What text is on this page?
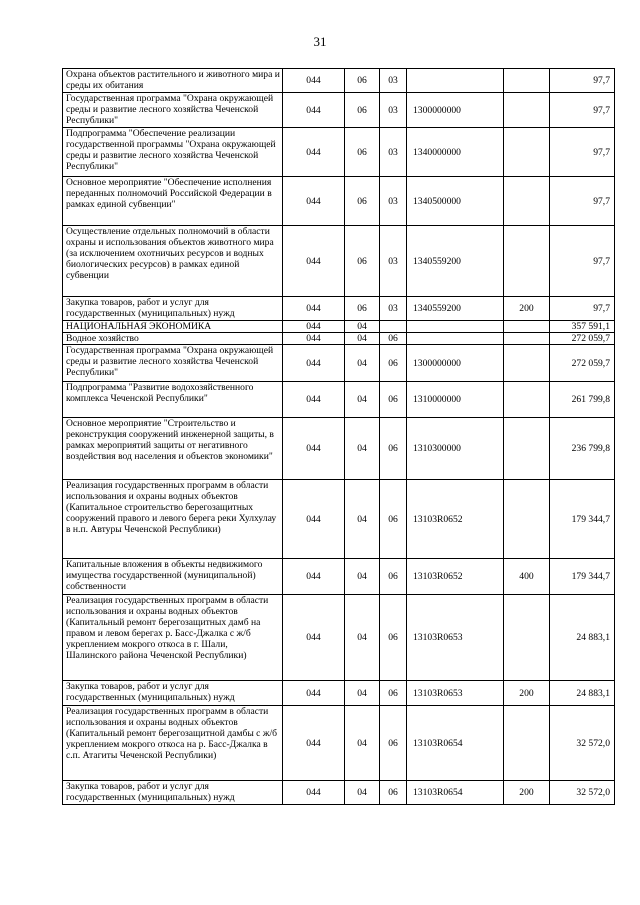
31
Охрана объектов растительного и животного мира и среды их обитания	044	06	03			97,7
Государственная программа "Охрана окружающей среды и развитие лесного хозяйства Чеченской Республики"	044	06	03	1300000000		97,7
Подпрограмма "Обеспечение реализации государственной программы "Охрана окружающей среды и развитие лесного хозяйства Чеченской Республики"	044	06	03	1340000000		97,7
Основное мероприятие "Обеспечение исполнения переданных полномочий Российской Федерации в рамках единой субвенции"	044	06	03	1340500000		97,7
Осуществление отдельных полномочий в области охраны и использования объектов животного мира (за исключением охотничьих ресурсов и водных биологических ресурсов) в рамках единой субвенции	044	06	03	1340559200		97,7
Закупка товаров, работ и услуг для государственных (муниципальных) нужд	044	06	03	1340559200	200	97,7
НАЦИОНАЛЬНАЯ ЭКОНОМИКА	044	04				357 591,1
Водное хозяйство	044	04	06			272 059,7
Государственная программа "Охрана окружающей среды и развитие лесного хозяйства Чеченской Республики"	044	04	06	1300000000		272 059,7
Подпрограмма "Развитие водохозяйственного комплекса Чеченской Республики"	044	04	06	1310000000		261 799,8
Основное мероприятие "Строительство и реконструкция сооружений инженерной защиты, в рамках мероприятий защиты от негативного воздействия вод населения и объектов экономики"	044	04	06	1310300000		236 799,8
Реализация государственных программ в области использования и охраны водных объектов (Капитальное строительство берегозащитных сооружений правого и левого берега реки Хулхулау в н.п. Автуры Чеченской Республики)	044	04	06	13103R0652		179 344,7
Капитальные вложения в объекты недвижимого имущества государственной (муниципальной) собственности	044	04	06	13103R0652	400	179 344,7
Реализация государственных программ в области использования и охраны водных объектов (Капитальный ремонт берегозащитных дамб на правом и левом берегах р. Басс-Джалка с ж/б укреплением мокрого откоса в г. Шали, Шалинского района Чеченской Республики)	044	04	06	13103R0653		24 883,1
Закупка товаров, работ и услуг для государственных (муниципальных) нужд	044	04	06	13103R0653	200	24 883,1
Реализация государственных программ в области использования и охраны водных объектов (Капитальный ремонт берегозащитной дамбы с ж/б укреплением мокрого откоса на р. Басс-Джалка в с.п. Атагиты Чеченской Республики)	044	04	06	13103R0654		32 572,0
Закупка товаров, работ и услуг для государственных (муниципальных) нужд	044	04	06	13103R0654	200	32 572,0
